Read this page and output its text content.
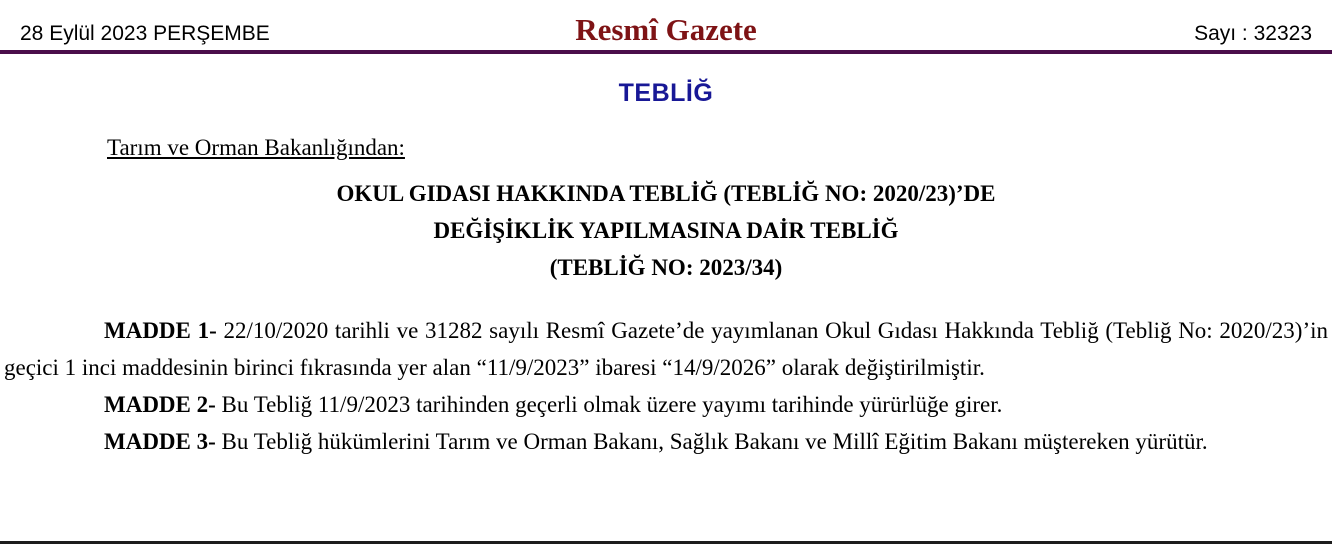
28 Eylül 2023 PERŞEMBE	Resmî Gazete	Sayı : 32323
TEBLİĞ
Tarım ve Orman Bakanlığından:
OKUL GIDASI HAKKINDA TEBLİĞ (TEBLİĞ NO: 2020/23)’DE
DEĞİŞİKLİK YAPILMASINA DAİR TEBLİĞ
(TEBLİĞ NO: 2023/34)

MADDE 1- 22/10/2020 tarihli ve 31282 sayılı Resmî Gazete’de yayımlanan Okul Gıdası Hakkında Tebliğ (Tebliğ No: 2020/23)’in geçici 1 inci maddesinin birinci fıkrasında yer alan “11/9/2023” ibaresi “14/9/2026” olarak değiştirilmiştir.

MADDE 2- Bu Tebliğ 11/9/2023 tarihinden geçerli olmak üzere yayımı tarihinde yürürlüğe girer.

MADDE 3- Bu Tebliğ hükümlerini Tarım ve Orman Bakanı, Sağlık Bakanı ve Millî Eğitim Bakanı müştereken yürütür.
